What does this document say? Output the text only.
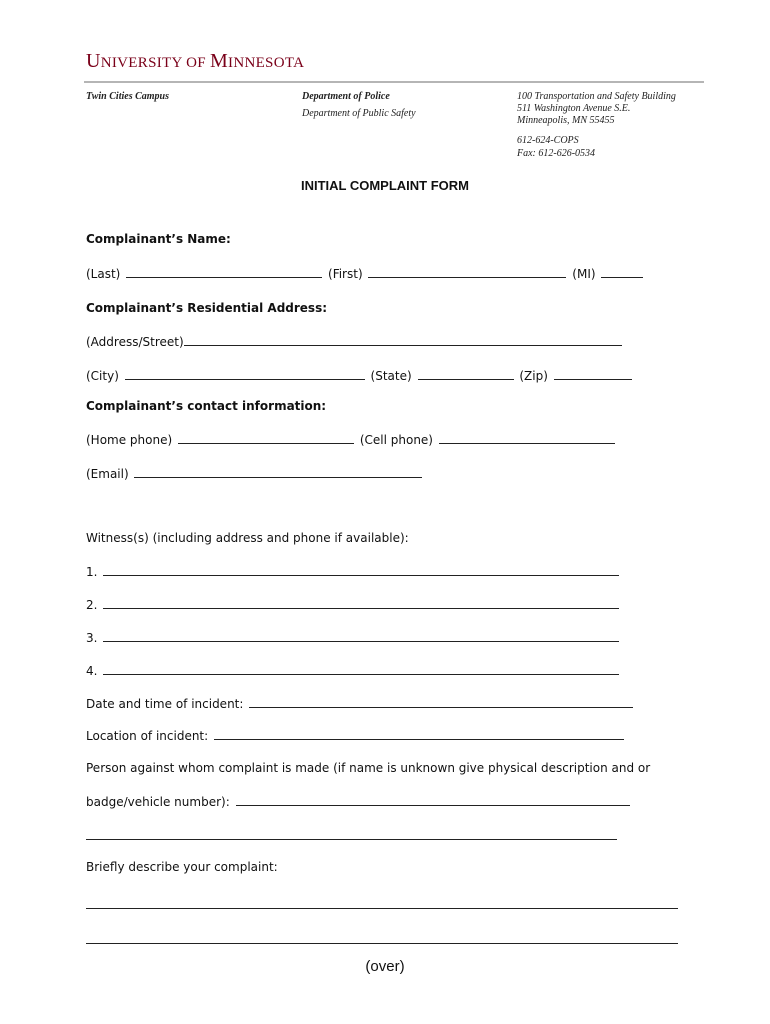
UNIVERSITY OF MINNESOTA
Twin Cities Campus	Department of Police
Department of Public Safety
100 Transportation and Safety Building
511 Washington Avenue S.E.
Minneapolis, MN 55455
612-624-COPS
Fax: 612-626-0534
INITIAL COMPLAINT FORM
Complainant’s Name:
(Last)	(First)	(MI)
Complainant’s Residential Address:
(Address/Street)
(City)	(State)	(Zip)
Complainant’s contact information:
(Home phone)	(Cell phone)
(Email)
Witness(s) (including address and phone if available):
1.
2.
3.
4.
Date and time of incident:
Location of incident:
Person against whom complaint is made (if name is unknown give physical description and or
badge/vehicle number):
Briefly describe your complaint:
(over)
